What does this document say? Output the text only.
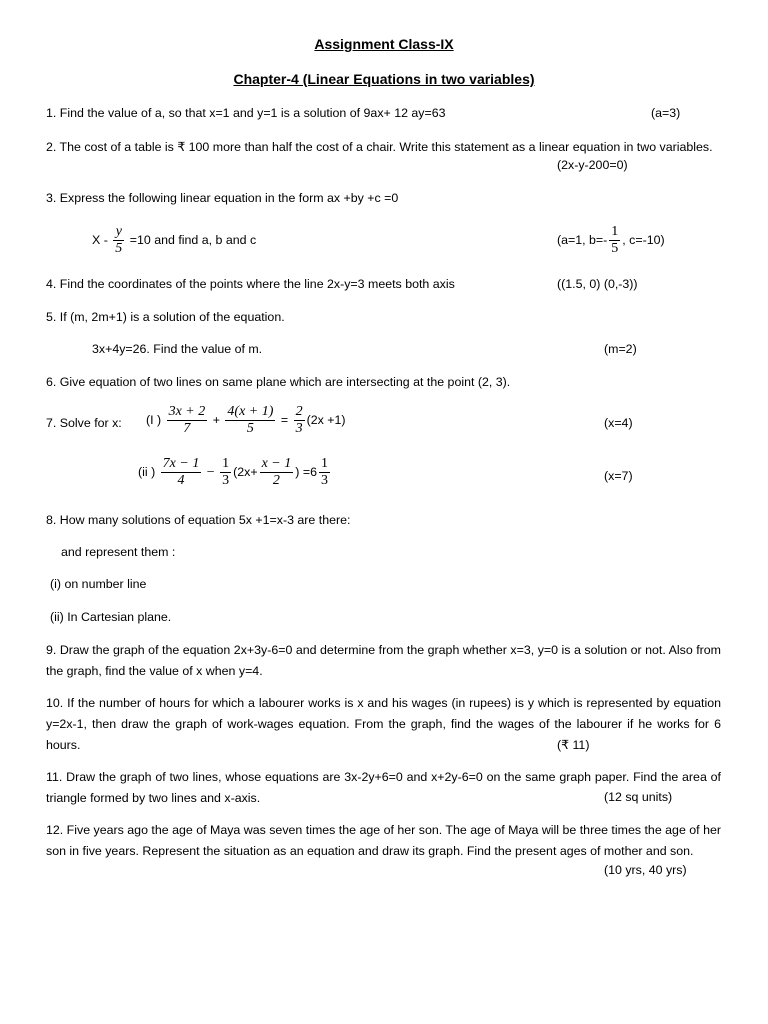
Assignment Class-IX
Chapter-4 (Linear Equations in two variables)
1. Find the value of a, so that x=1 and y=1 is a solution of 9ax+ 12 ay=63	(a=3)
2. The cost of a table is ₹ 100 more than half the cost of a chair. Write this statement as a linear equation in two variables.
(2x-y-200=0)
3. Express the following linear equation in the form ax +by +c =0
$X - \frac{y}{5} =10$ and find a, b and c	(a=1, $b=- \frac{1}{5}$ , c=-10)
4. Find the coordinates of the points where the line 2x-y=3 meets both axis	((1.5, 0) (0,-3))
5. If (m, 2m+1) is a solution of the equation.
3x+4y=26. Find the value of m.	(m=2)
6. Give equation of two lines on same plane which are intersecting at the point (2, 3).
7. Solve for x: (I ) $\frac{3x + 2}{7} + \frac{4(x + 1)}{5} = \frac{2}{3} (2x +1)$	(x=4)
(ii ) $\frac{7x - 1}{4} - \frac{1}{3} (2x+ \frac{x - 1}{2}$ ) $=6 \frac{1}{3}$	(x=7)
8. How many solutions of equation 5x +1=x-3 are there:
and represent them :
(i) on number line
(ii) In Cartesian plane.
9. Draw the graph of the equation 2x+3y-6=0 and determine from the graph whether x=3, y=0 is a solution or not. Also from the graph, find the value of x when y=4.
10. If the number of hours for which a labourer works is x and his wages (in rupees) is y which is represented by equation y=2x-1, then draw the graph of work-wages equation. From the graph, find the wages of the labourer if he works for 6 hours.	(₹ 11)
11. Draw the graph of two lines, whose equations are 3x-2y+6=0 and x+2y-6=0 on the same graph paper. Find the area of triangle formed by two lines and x-axis.	(12 sq units)
12. Five years ago the age of Maya was seven times the age of her son. The age of Maya will be three times the age of her son in five years. Represent the situation as an equation and draw its graph. Find the present ages of mother and son.
(10 yrs, 40 yrs)
